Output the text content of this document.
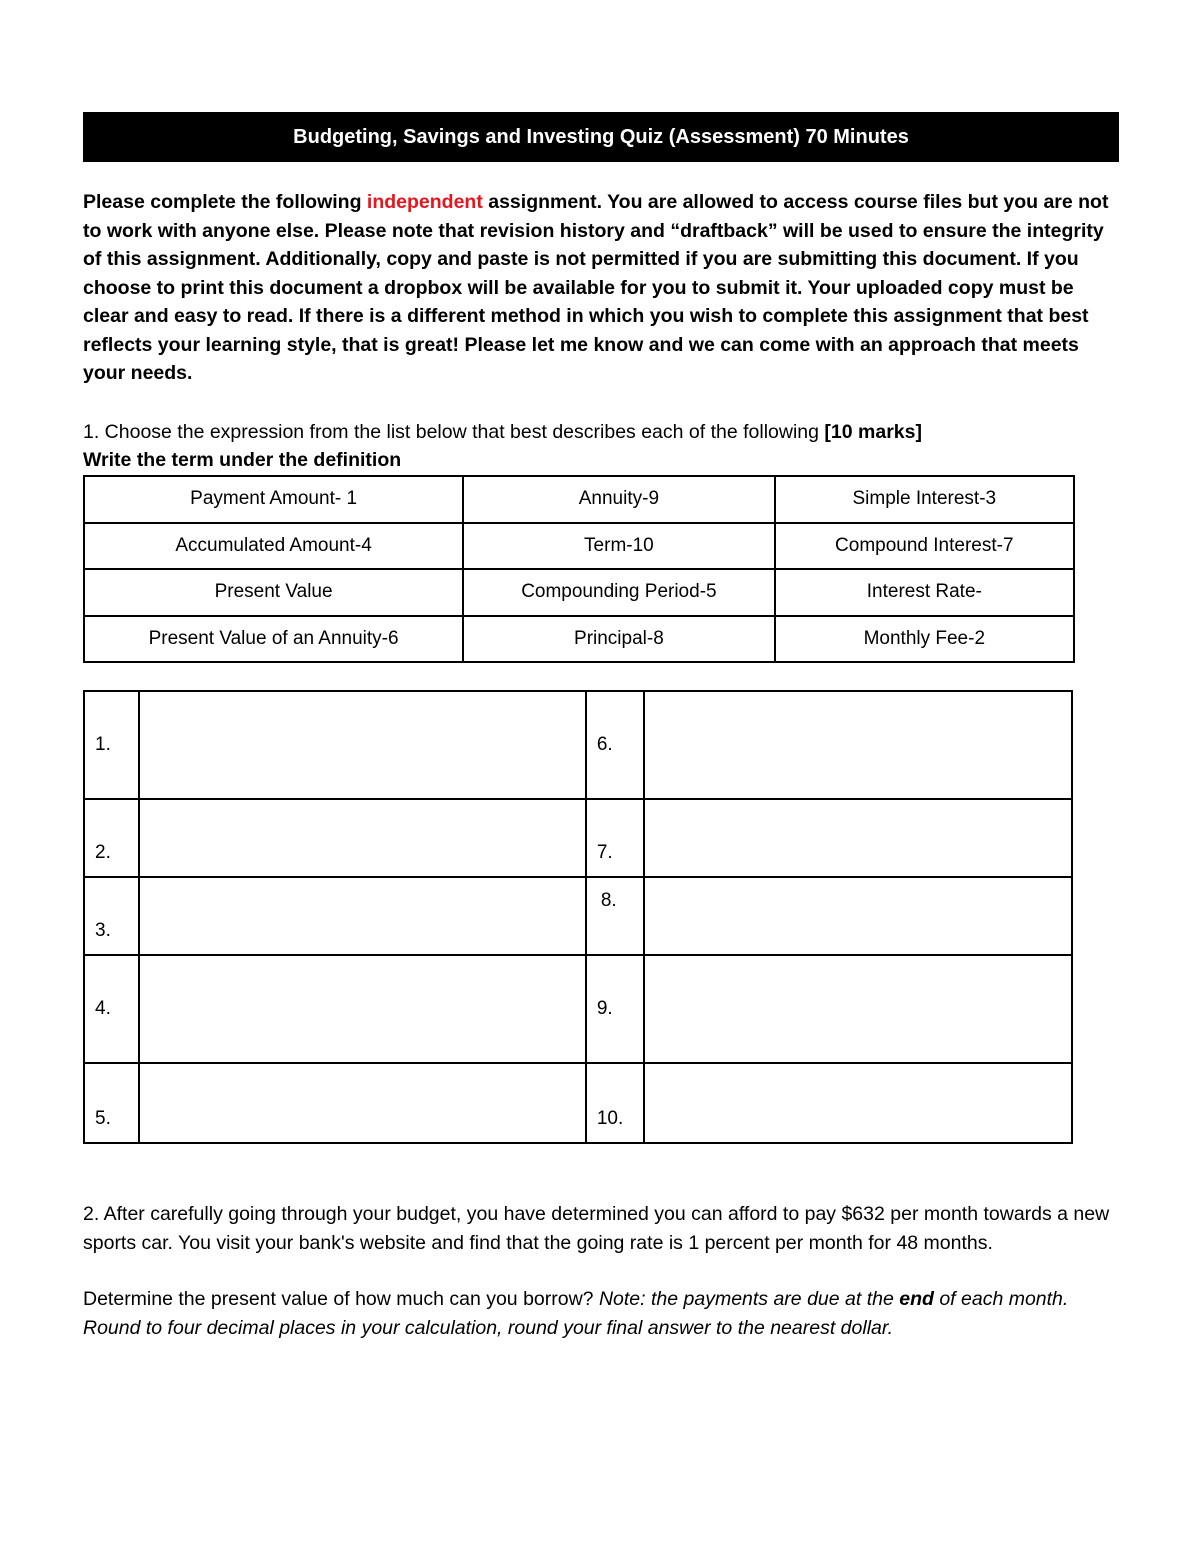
Budgeting, Savings and Investing Quiz (Assessment) 70 Minutes
Please complete the following independent assignment. You are allowed to access course files but you are not to work with anyone else. Please note that revision history and “draftback” will be used to ensure the integrity of this assignment. Additionally, copy and paste is not permitted if you are submitting this document. If you choose to print this document a dropbox will be available for you to submit it. Your uploaded copy must be clear and easy to read. If there is a different method in which you wish to complete this assignment that best reflects your learning style, that is great! Please let me know and we can come with an approach that meets your needs.
1. Choose the expression from the list below that best describes each of the following [10 marks]
Write the term under the definition
Payment Amount- 1	Annuity-9	Simple Interest-3
Accumulated Amount-4	Term-10	Compound Interest-7
Present Value	Compounding Period-5	Interest Rate-
Present Value of an Annuity-6	Principal-8	Monthly Fee-2
1.		6.	
2.		7.	
3.		8.	
4.		9.	
5.		10.	

2. After carefully going through your budget, you have determined you can afford to pay $632 per month towards a new sports car. You visit your bank's website and find that the going rate is 1 percent per month for 48 months.

Determine the present value of how much can you borrow? Note: the payments are due at the end of each month. Round to four decimal places in your calculation, round your final answer to the nearest dollar.
